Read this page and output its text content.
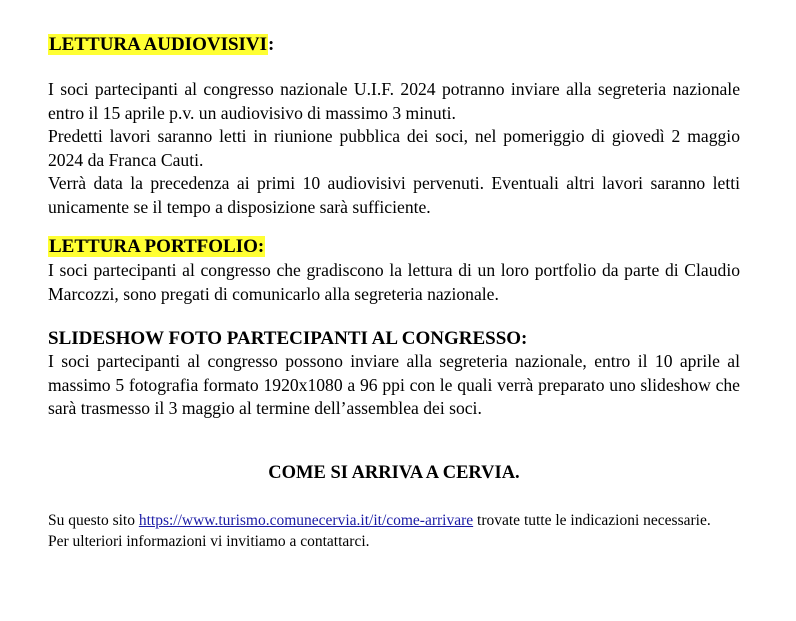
LETTURA AUDIOVISIVI:

I soci partecipanti al congresso nazionale U.I.F. 2024 potranno inviare alla segreteria nazionale entro il 15 aprile p.v. un audiovisivo di massimo 3 minuti.

Predetti lavori saranno letti in riunione pubblica dei soci, nel pomeriggio di giovedì 2 maggio 2024 da Franca Cauti.

Verrà data la precedenza ai primi 10 audiovisivi pervenuti. Eventuali altri lavori saranno letti unicamente se il tempo a disposizione sarà sufficiente.

LETTURA PORTFOLIO:

I soci partecipanti al congresso che gradiscono la lettura di un loro portfolio da parte di Claudio Marcozzi, sono pregati di comunicarlo alla segreteria nazionale.

SLIDESHOW FOTO PARTECIPANTI AL CONGRESSO:

I soci partecipanti al congresso possono inviare alla segreteria nazionale, entro il 10 aprile al massimo 5 fotografia formato 1920x1080 a 96 ppi con le quali verrà preparato uno slideshow che sarà trasmesso il 3 maggio al termine dell’assemblea dei soci.

COME SI ARRIVA A CERVIA.

Su questo sito https://www.turismo.comunecervia.it/it/come-arrivare trovate tutte le indicazioni necessarie.

Per ulteriori informazioni vi invitiamo a contattarci.
